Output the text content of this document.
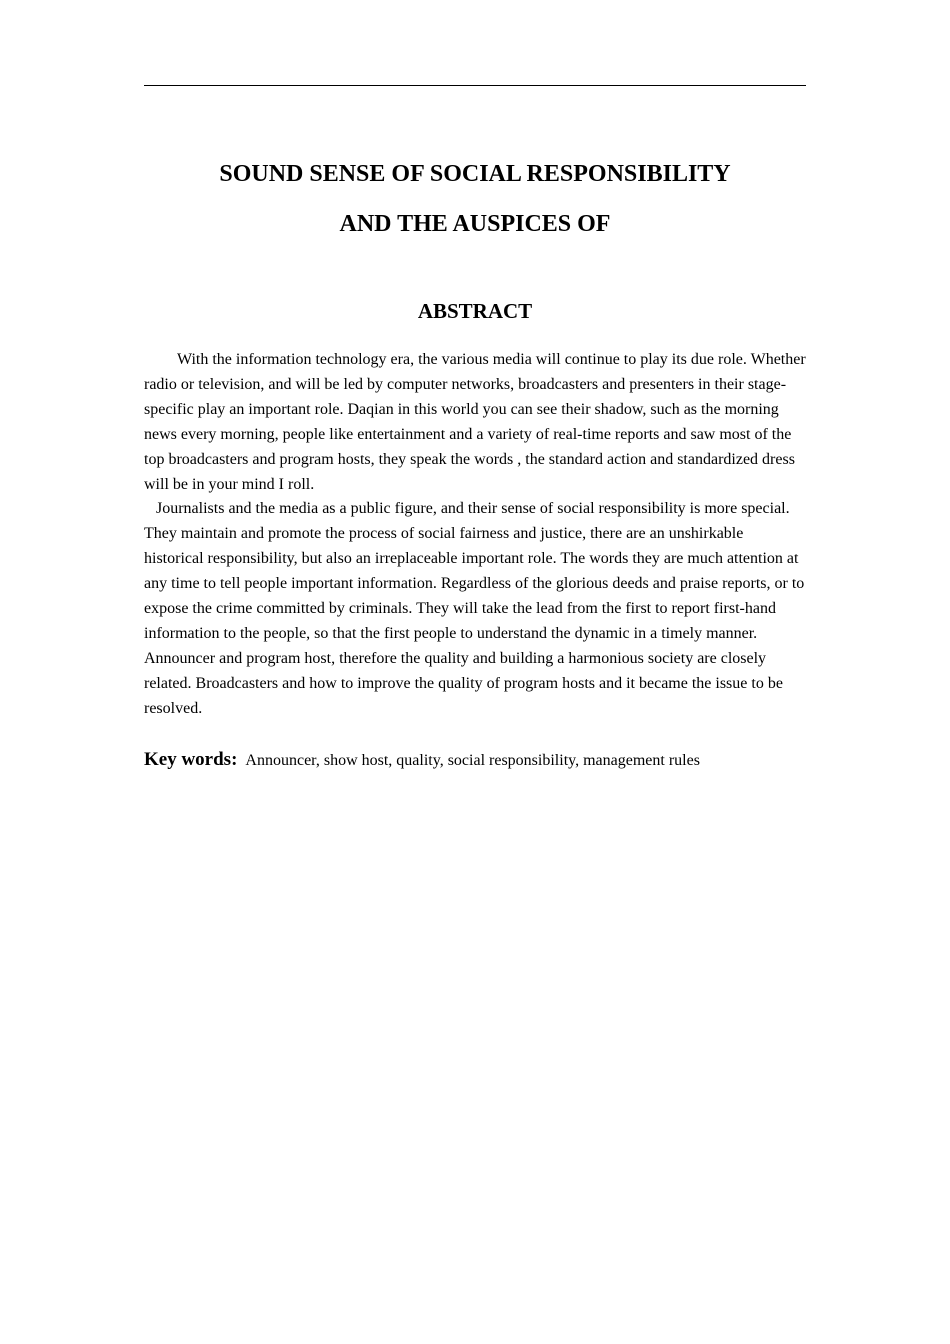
SOUND SENSE OF SOCIAL RESPONSIBILITY
AND THE AUSPICES OF
ABSTRACT

With the information technology era, the various media will continue to play its due role. Whether radio or television, and will be led by computer networks, broadcasters and presenters in their stage-specific play an important role. Daqian in this world you can see their shadow, such as the morning news every morning, people like entertainment and a variety of real-time reports and saw most of the top broadcasters and program hosts, they speak the words , the standard action and standardized dress will be in your mind I roll.

Journalists and the media as a public figure, and their sense of social responsibility is more special. They maintain and promote the process of social fairness and justice, there are an unshirkable historical responsibility, but also an irreplaceable important role. The words they are much attention at any time to tell people important information. Regardless of the glorious deeds and praise reports, or to expose the crime committed by criminals. They will take the lead from the first to report first-hand information to the people, so that the first people to understand the dynamic in a timely manner. Announcer and program host, therefore the quality and building a harmonious society are closely related. Broadcasters and how to improve the quality of program hosts and it became the issue to be resolved.

Key words: Announcer, show host, quality, social responsibility, management rules
